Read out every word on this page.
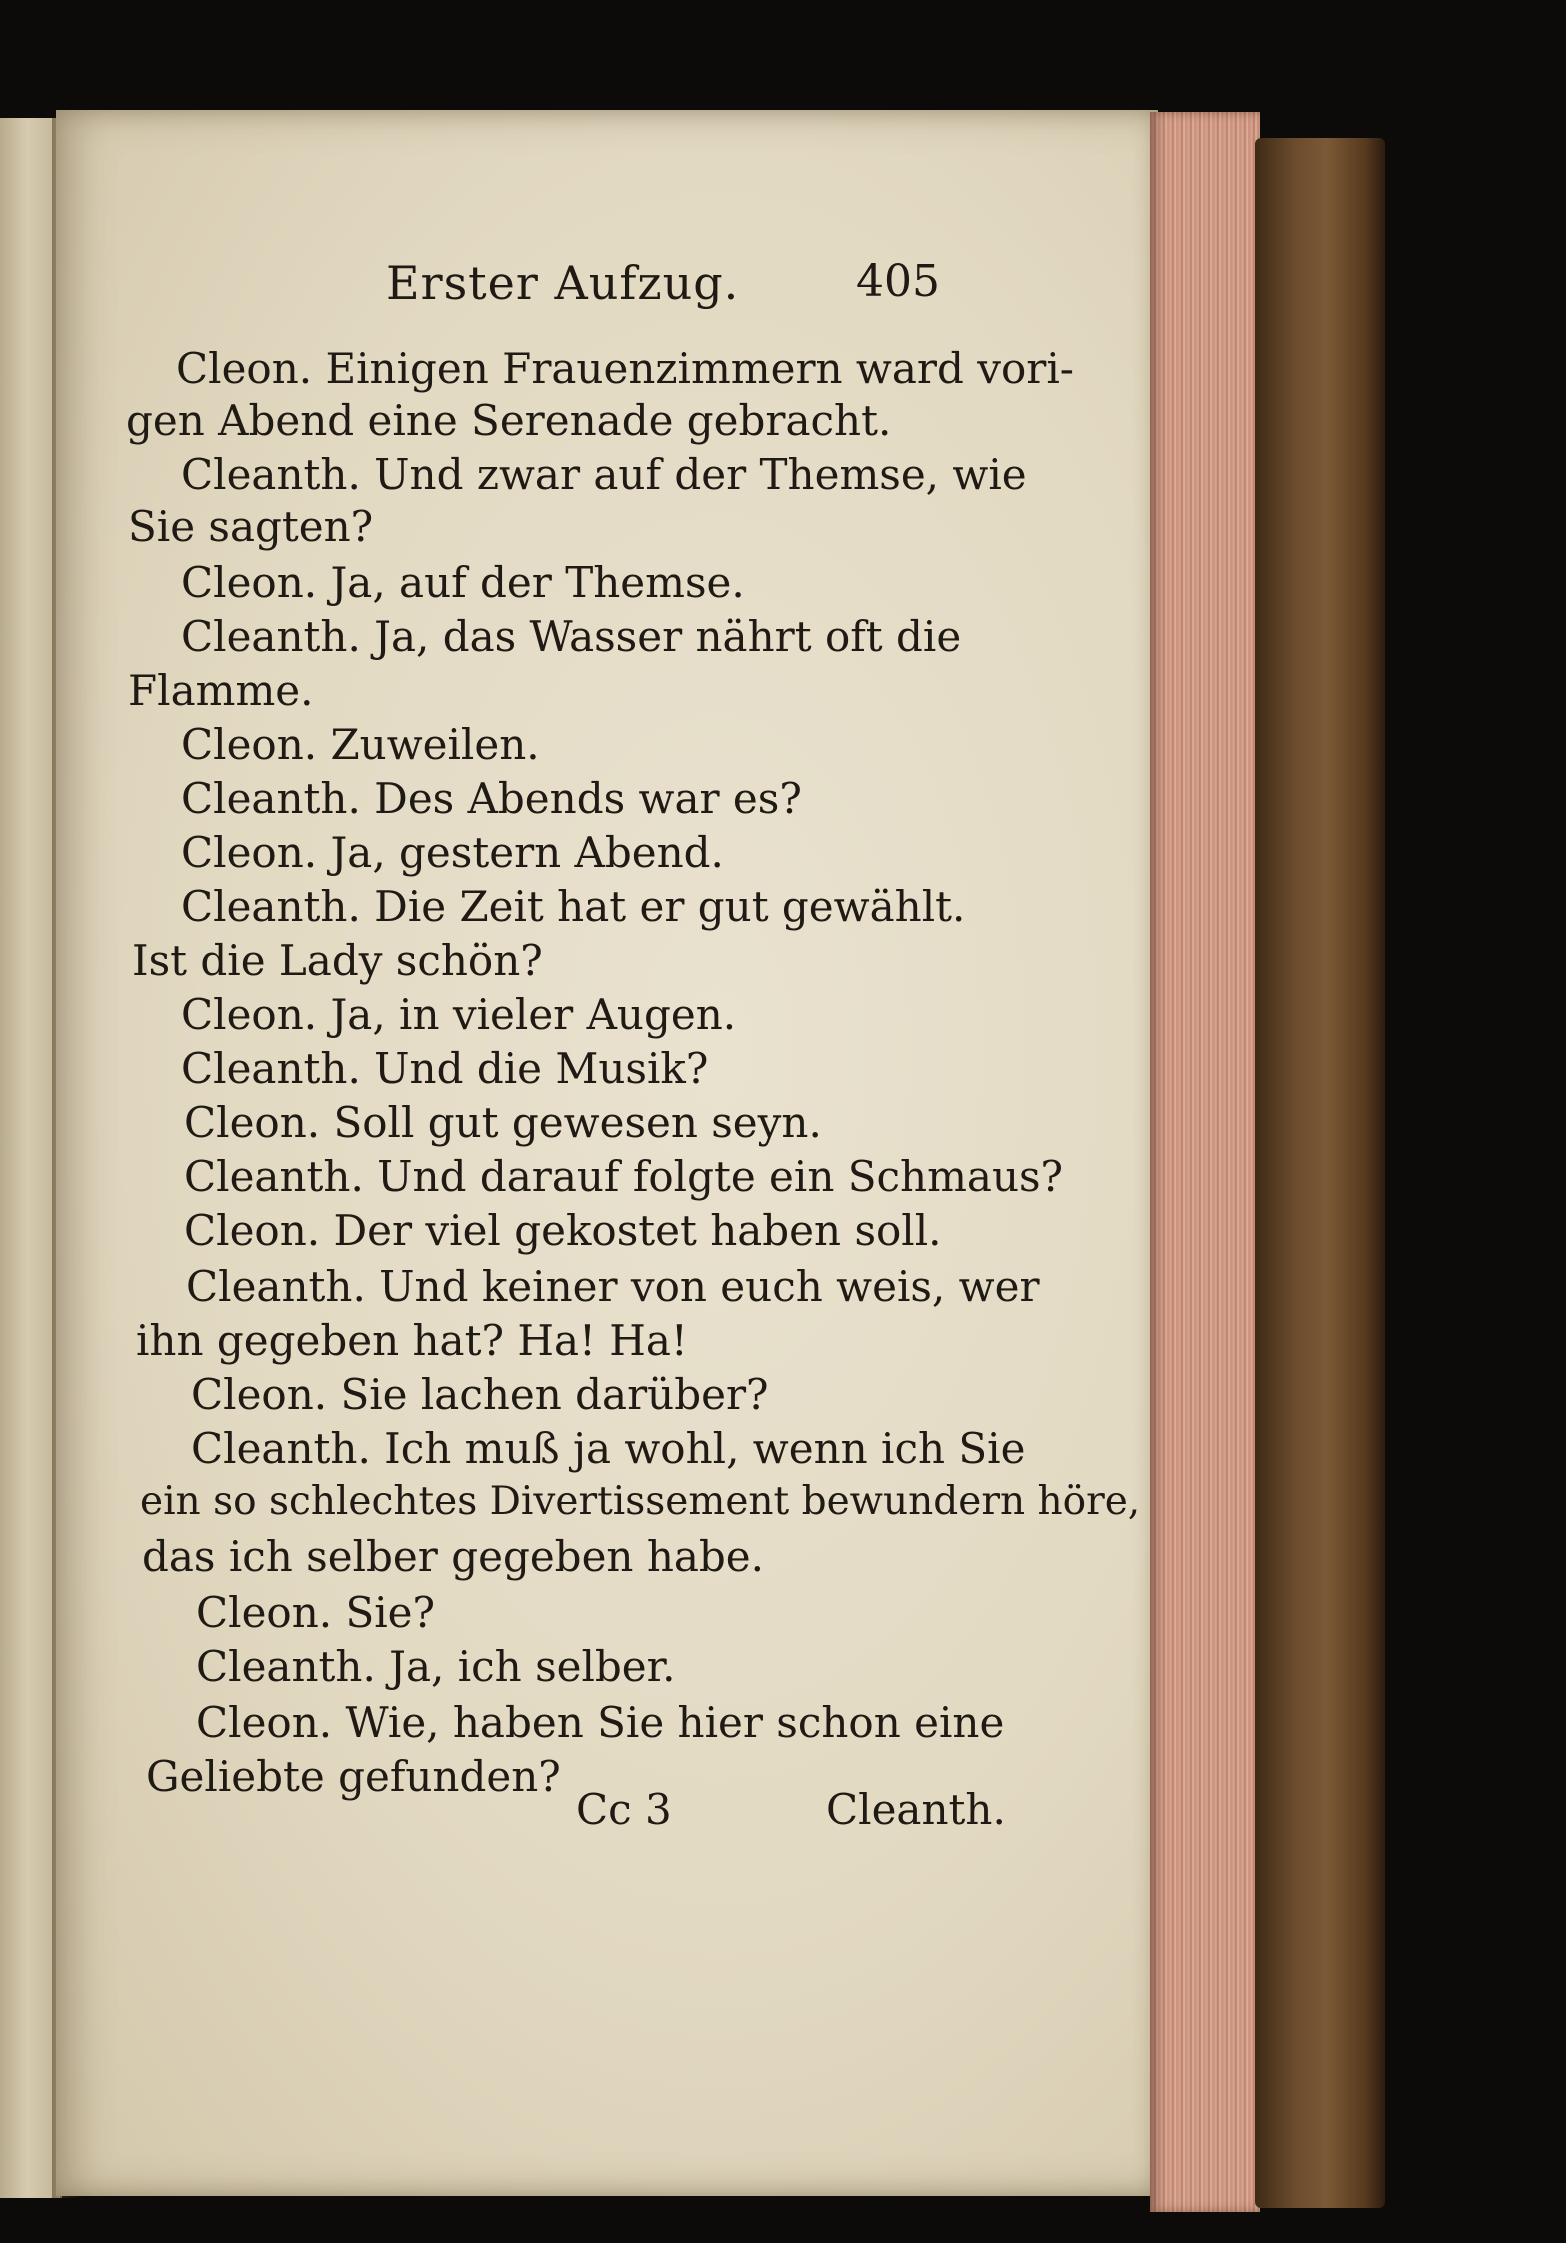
Erster Aufzug.	405
Cleon. Einigen Frauenzimmern ward vori-
gen Abend eine Serenade gebracht.
Cleanth. Und zwar auf der Themse, wie
Sie sagten?
Cleon. Ja, auf der Themse.
Cleanth. Ja, das Wasser nährt oft die
Flamme.
Cleon. Zuweilen.
Cleanth. Des Abends war es?
Cleon. Ja, gestern Abend.
Cleanth. Die Zeit hat er gut gewählt.
Ist die Lady schön?
Cleon. Ja, in vieler Augen.
Cleanth. Und die Musik?
Cleon. Soll gut gewesen seyn.
Cleanth. Und darauf folgte ein Schmaus?
Cleon. Der viel gekostet haben soll.
Cleanth. Und keiner von euch weis, wer
ihn gegeben hat? Ha! Ha!
Cleon. Sie lachen darüber?
Cleanth. Ich muß ja wohl, wenn ich Sie
ein so schlechtes Divertissement bewundern höre,
das ich selber gegeben habe.
Cleon. Sie?
Cleanth. Ja, ich selber.
Cleon. Wie, haben Sie hier schon eine
Geliebte gefunden?
Cc 3	Cleanth.
